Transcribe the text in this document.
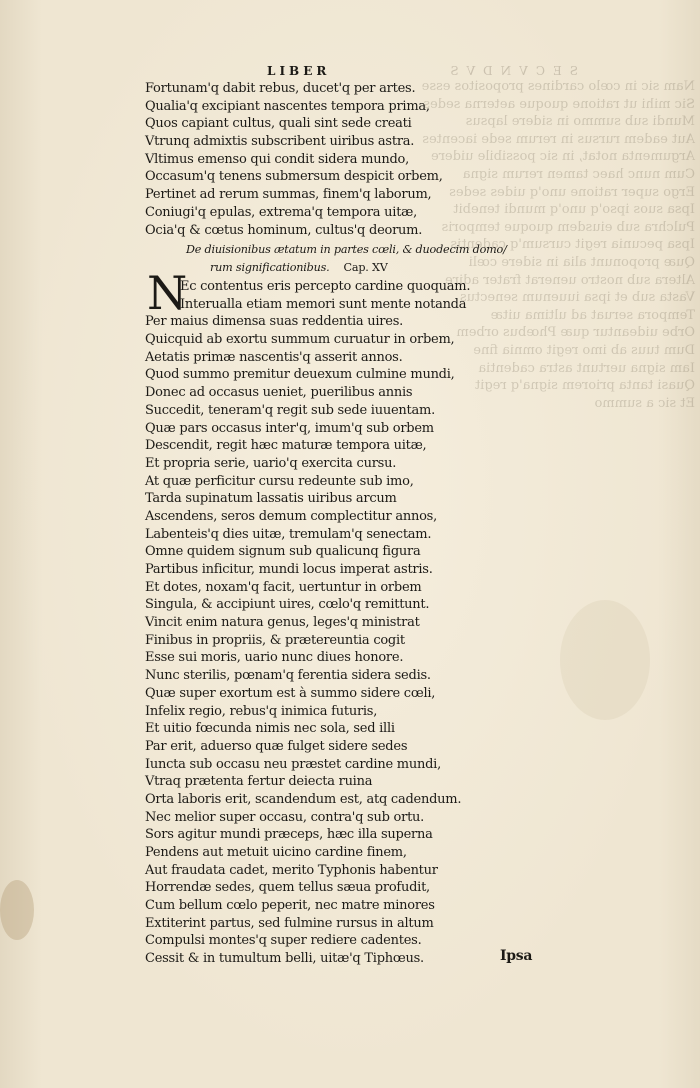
SECVNDVS
Nam sic in cœlo cardines propositos esse
Sic mihi ut ratione quoque aeterna sedes
Mundi sub summo in sidere lapsus
Aut eadem rursus in rerum sede iacentes
Argumenta notat, in sic possibile uidere
Cum nunc haec tamen rerum signa
Ergo super ratione uno'q uides sedes
Ipsa suos ipso'q uno'q mundi tenebit
Pulchra sub eiusdem quoque temporis
Ipsa pecunia regit cursum'q cadentis
Quæ proponunt alia in sidere cœli
Altera sub nostro uenerat frater adire
Vasta sub et ipsa iuuenum senectus
Tempora seruat ad ultima uitæ
Orbe uideantur quæ Phœbus orbem
Dum tuus ab imo regit omnia fine
Iam signa uertunt astra cadentia
Quasi tanta priorem signa'q regit
Et sic a summo
LIBER
Fortunam'q dabit rebus, ducet'q per artes.
Qualia'q excipiant nascentes tempora prima,
Quos capiant cultus, quali sint sede creati
Vtrunq admixtis subscribent uiribus astra.
Vltimus emenso qui condit sidera mundo,
Occasum'q tenens submersum despicit orbem,
Pertinet ad rerum summas, finem'q laborum,
Coniugi'q epulas, extrema'q tempora uitæ,
Ocia'q & cœtus hominum, cultus'q deorum.
De diuisionibus ætatum in partes cœli, & duodecim domo/
rum significationibus. Cap. XV
N
Ec contentus eris percepto cardine quoquam.
Interualla etiam memori sunt mente notanda
Per maius dimensa suas reddentia uires.
Quicquid ab exortu summum curuatur in orbem,
Aetatis primæ nascentis'q asserit annos.
Quod summo premitur deuexum culmine mundi,
Donec ad occasus ueniet, puerilibus annis
Succedit, teneram'q regit sub sede iuuentam.
Quæ pars occasus inter'q, imum'q sub orbem
Descendit, regit hæc maturæ tempora uitæ,
Et propria serie, uario'q exercita cursu.
At quæ perficitur cursu redeunte sub imo,
Tarda supinatum lassatis uiribus arcum
Ascendens, seros demum complectitur annos,
Labenteis'q dies uitæ, tremulam'q senectam.
Omne quidem signum sub qualicunq figura
Partibus inficitur, mundi locus imperat astris.
Et dotes, noxam'q facit, uertuntur in orbem
Singula, & accipiunt uires, cœlo'q remittunt.
Vincit enim natura genus, leges'q ministrat
Finibus in propriis, & prætereuntia cogit
Esse sui moris, uario nunc diues honore.
Nunc sterilis, pœnam'q ferentia sidera sedis.
Quæ super exortum est à summo sidere cœli,
Infelix regio, rebus'q inimica futuris,
Et uitio fœcunda nimis nec sola, sed illi
Par erit, aduerso quæ fulget sidere sedes
Iuncta sub occasu neu præstet cardine mundi,
Vtraq prætenta fertur deiecta ruina
Orta laboris erit, scandendum est, atq cadendum.
Nec melior super occasu, contra'q sub ortu.
Sors agitur mundi præceps, hæc illa superna
Pendens aut metuit uicino cardine finem,
Aut fraudata cadet, merito Typhonis habentur
Horrendæ sedes, quem tellus sæua profudit,
Cum bellum cœlo peperit, nec matre minores
Extiterint partus, sed fulmine rursus in altum
Compulsi montes'q super rediere cadentes.
Cessit & in tumultum belli, uitæ'q Tiphœus.	Ipsa
